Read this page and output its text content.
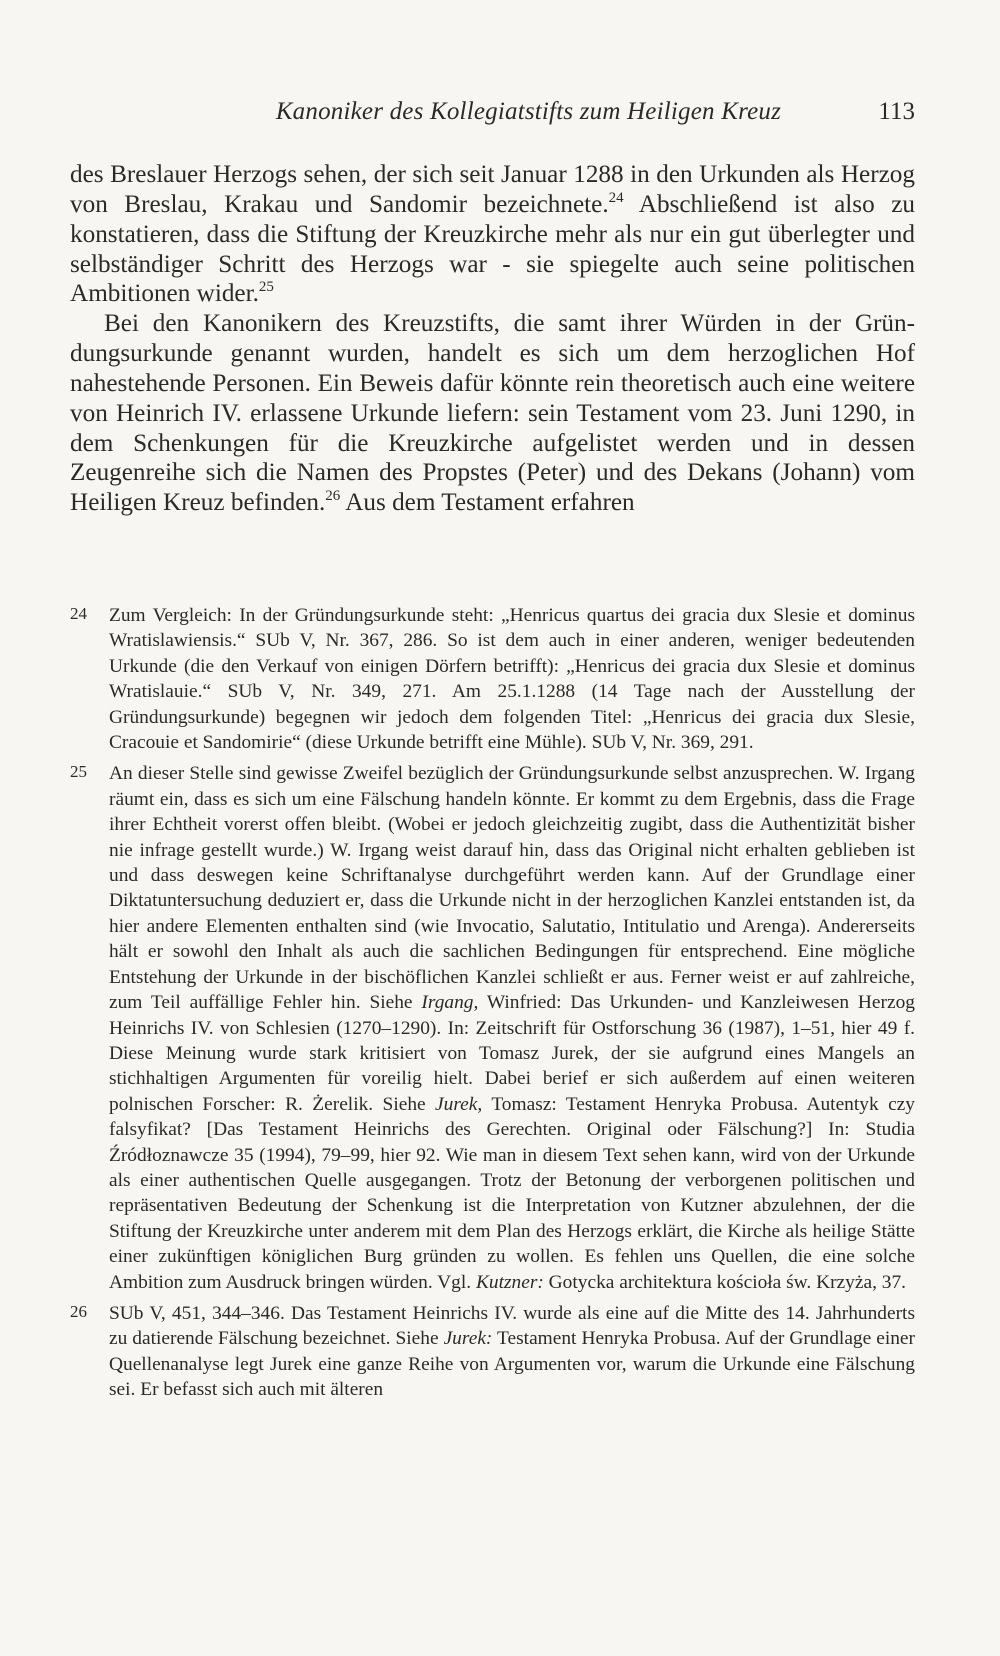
Kanoniker des Kollegiatstifts zum Heiligen Kreuz	113

des Breslauer Herzogs sehen, der sich seit Januar 1288 in den Urkunden als Herzog von Breslau, Krakau und Sandomir bezeichnete.$^{24}$ Abschließend ist also zu konstatieren, dass die Stiftung der Kreuzkirche mehr als nur ein gut überlegter und selbständiger Schritt des Herzogs war - sie spiegelte auch seine politischen Ambitionen wider.$^{25}$

Bei den Kanonikern des Kreuzstifts, die samt ihrer Würden in der Gründungsurkunde genannt wurden, handelt es sich um dem herzoglichen Hof nahestehende Personen. Ein Beweis dafür könnte rein theoretisch auch eine weitere von Heinrich IV. erlassene Urkunde liefern: sein Testament vom 23. Juni 1290, in dem Schenkungen für die Kreuzkirche aufgelistet werden und in dessen Zeugenreihe sich die Namen des Propstes (Peter) und des Dekans (Johann) vom Heiligen Kreuz befinden.$^{26}$ Aus dem Testament erfahren

24 Zum Vergleich: In der Gründungsurkunde steht: „Henricus quartus dei gracia dux Slesie et dominus Wratislawiensis.“ SUb V, Nr. 367, 286. So ist dem auch in einer anderen, weniger bedeutenden Urkunde (die den Verkauf von einigen Dörfern betrifft): „Henricus dei gracia dux Slesie et dominus Wratislauie.“ SUb V, Nr. 349, 271. Am 25.1.1288 (14 Tage nach der Ausstellung der Gründungsurkunde) begegnen wir jedoch dem folgenden Titel: „Henricus dei gracia dux Slesie, Cracouie et Sandomirie“ (diese Urkunde betrifft eine Mühle). SUb V, Nr. 369, 291.
25 An dieser Stelle sind gewisse Zweifel bezüglich der Gründungsurkunde selbst anzusprechen. W. Irgang räumt ein, dass es sich um eine Fälschung handeln könnte. Er kommt zu dem Ergebnis, dass die Frage ihrer Echtheit vorerst offen bleibt. (Wobei er jedoch gleichzeitig zugibt, dass die Authentizität bisher nie infrage gestellt wurde.) W. Irgang weist darauf hin, dass das Original nicht erhalten geblieben ist und dass deswegen keine Schriftanalyse durchgeführt werden kann. Auf der Grundlage einer Diktatuntersuchung deduziert er, dass die Urkunde nicht in der herzoglichen Kanzlei entstanden ist, da hier andere Elementen enthalten sind (wie Invocatio, Salutatio, Intitulatio und Arenga). Andererseits hält er sowohl den Inhalt als auch die sachlichen Bedingungen für entsprechend. Eine mögliche Entstehung der Urkunde in der bischöflichen Kanzlei schließt er aus. Ferner weist er auf zahlreiche, zum Teil auffällige Fehler hin. Siehe Irgang, Winfried: Das Urkunden- und Kanzleiwesen Herzog Heinrichs IV. von Schlesien (1270–1290). In: Zeitschrift für Ostforschung 36 (1987), 1–51, hier 49 f. Diese Meinung wurde stark kritisiert von Tomasz Jurek, der sie aufgrund eines Mangels an stichhaltigen Argumenten für voreilig hielt. Dabei berief er sich außerdem auf einen weiteren polnischen Forscher: R. Żerelik. Siehe Jurek, Tomasz: Testament Henryka Probusa. Autentyk czy falsyfikat? [Das Testament Heinrichs des Gerechten. Original oder Fälschung?] In: Studia Źródłoznawcze 35 (1994), 79–99, hier 92. Wie man in diesem Text sehen kann, wird von der Urkunde als einer authentischen Quelle ausgegangen. Trotz der Betonung der verborgenen politischen und repräsentativen Bedeutung der Schenkung ist die Interpretation von Kutzner abzulehnen, der die Stiftung der Kreuzkirche unter anderem mit dem Plan des Herzogs erklärt, die Kirche als heilige Stätte einer zukünftigen königlichen Burg gründen zu wollen. Es fehlen uns Quellen, die eine solche Ambition zum Ausdruck bringen würden. Vgl. Kutzner: Gotycka architektura kościoła św. Krzyża, 37.
26 SUb V, 451, 344–346. Das Testament Heinrichs IV. wurde als eine auf die Mitte des 14. Jahrhunderts zu datierende Fälschung bezeichnet. Siehe Jurek: Testament Henryka Probusa. Auf der Grundlage einer Quellenanalyse legt Jurek eine ganze Reihe von Argumenten vor, warum die Urkunde eine Fälschung sei. Er befasst sich auch mit älteren
